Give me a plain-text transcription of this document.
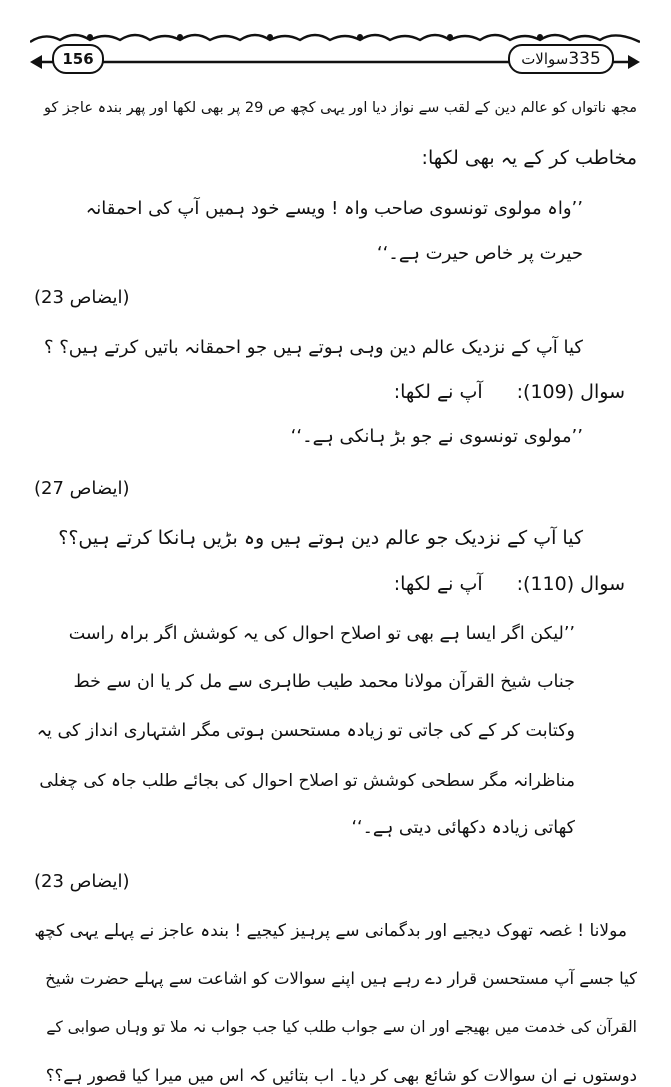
156	335
سوالات
مجھ ناتواں کو عالم دین کے لقب سے نواز دیا اور یہی کچھ ص 29 پر بھی لکھا اور پھر بندہ عاجز کو
مخاطب کر کے یہ بھی لکھا:
’’واہ مولوی تونسوی صاحب واہ ! ویسے خود ہمیں آپ کی احمقانہ
حیرت پر خاص حیرت ہے۔‘‘
(ایضاص 23)
کیا آپ کے نزدیک عالم دین وہی ہوتے ہیں جو احمقانہ باتیں کرتے ہیں؟ ؟
سوال (109):آپ نے لکھا:
’’مولوی تونسوی نے جو بڑ ہانکی ہے۔‘‘
(ایضاص 27)
کیا آپ کے نزدیک جو عالم دین ہوتے ہیں وہ بڑیں ہانکا کرتے ہیں؟؟
سوال (110):آپ نے لکھا:
’’لیکن اگر ایسا ہے بھی تو اصلاح احوال کی یہ کوشش اگر براہ راست
جناب شیخ القرآن مولانا محمد طیب طاہری سے مل کر یا ان سے خط
وکتابت کر کے کی جاتی تو زیادہ مستحسن ہوتی مگر اشتہاری انداز کی یہ
مناظرانہ مگر سطحی کوشش تو اصلاح احوال کی بجائے طلب جاہ کی چغلی
کھاتی زیادہ دکھائی دیتی ہے۔‘‘
(ایضاص 23)
مولانا ! غصہ تھوک دیجیے اور بدگمانی سے پرہیز کیجیے ! بندہ عاجز نے پہلے یہی کچھ
کیا جسے آپ مستحسن قرار دے رہے ہیں اپنے سوالات کو اشاعت سے پہلے حضرت شیخ
القرآن کی خدمت میں بھیجے اور ان سے جواب طلب کیا جب جواب نہ ملا تو وہاں صوابی کے
دوستوں نے ان سوالات کو شائع بھی کر دیا۔ اب بتائیں کہ اس میں میرا کیا قصور ہے؟؟
